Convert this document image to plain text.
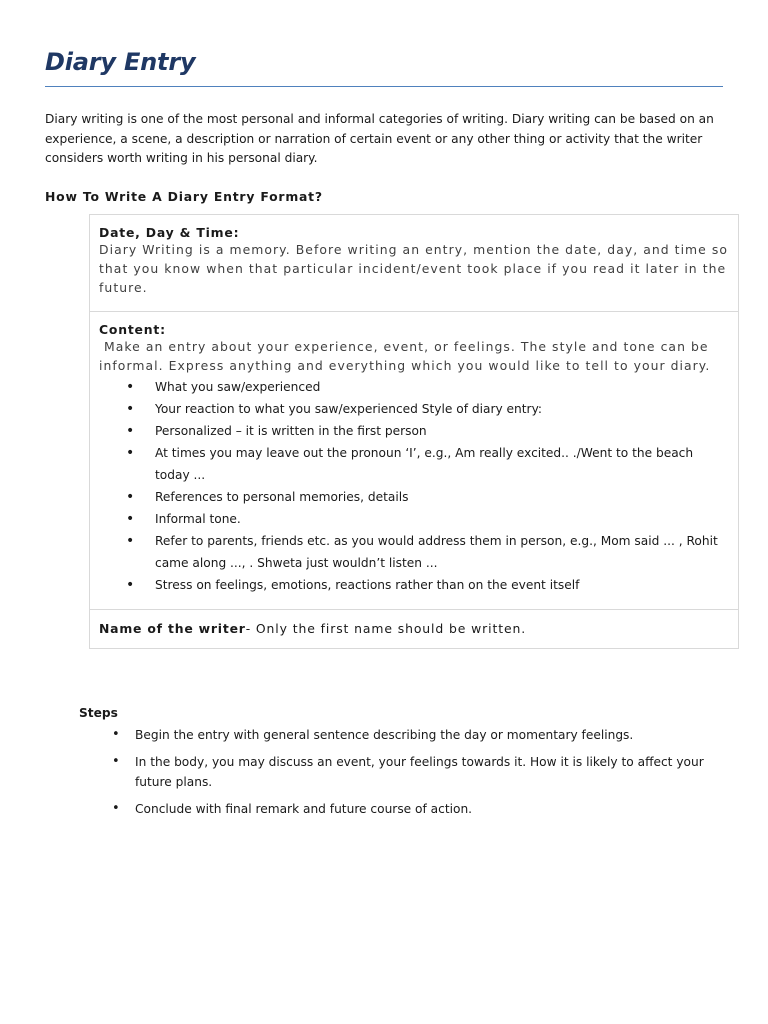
Diary Entry

Diary writing is one of the most personal and informal categories of writing. Diary writing can be based on an experience, a scene, a description or narration of certain event or any other thing or activity that the writer considers worth writing in his personal diary.

How To Write A Diary Entry Format?

Date, Day & Time:

Diary Writing is a memory. Before writing an entry, mention the date, day, and time so that you know when that particular incident/event took place if you read it later in the future.

Content:

Make an entry about your experience, event, or feelings. The style and tone can be informal. Express anything and everything which you would like to tell to your diary.

• What you saw/experienced
• Your reaction to what you saw/experienced Style of diary entry:
• Personalized – it is written in the first person
• At times you may leave out the pronoun ‘I’, e.g., Am really excited.. ./Went to the beach today ...
• References to personal memories, details
• Informal tone.
• Refer to parents, friends etc. as you would address them in person, e.g., Mom said ... , Rohit came along ..., . Shweta just wouldn’t listen ...
• Stress on feelings, emotions, reactions rather than on the event itself
Name of the writer- Only the first name should be written.

Steps

• Begin the entry with general sentence describing the day or momentary feelings.
• In the body, you may discuss an event, your feelings towards it. How it is likely to affect your future plans.
• Conclude with final remark and future course of action.
